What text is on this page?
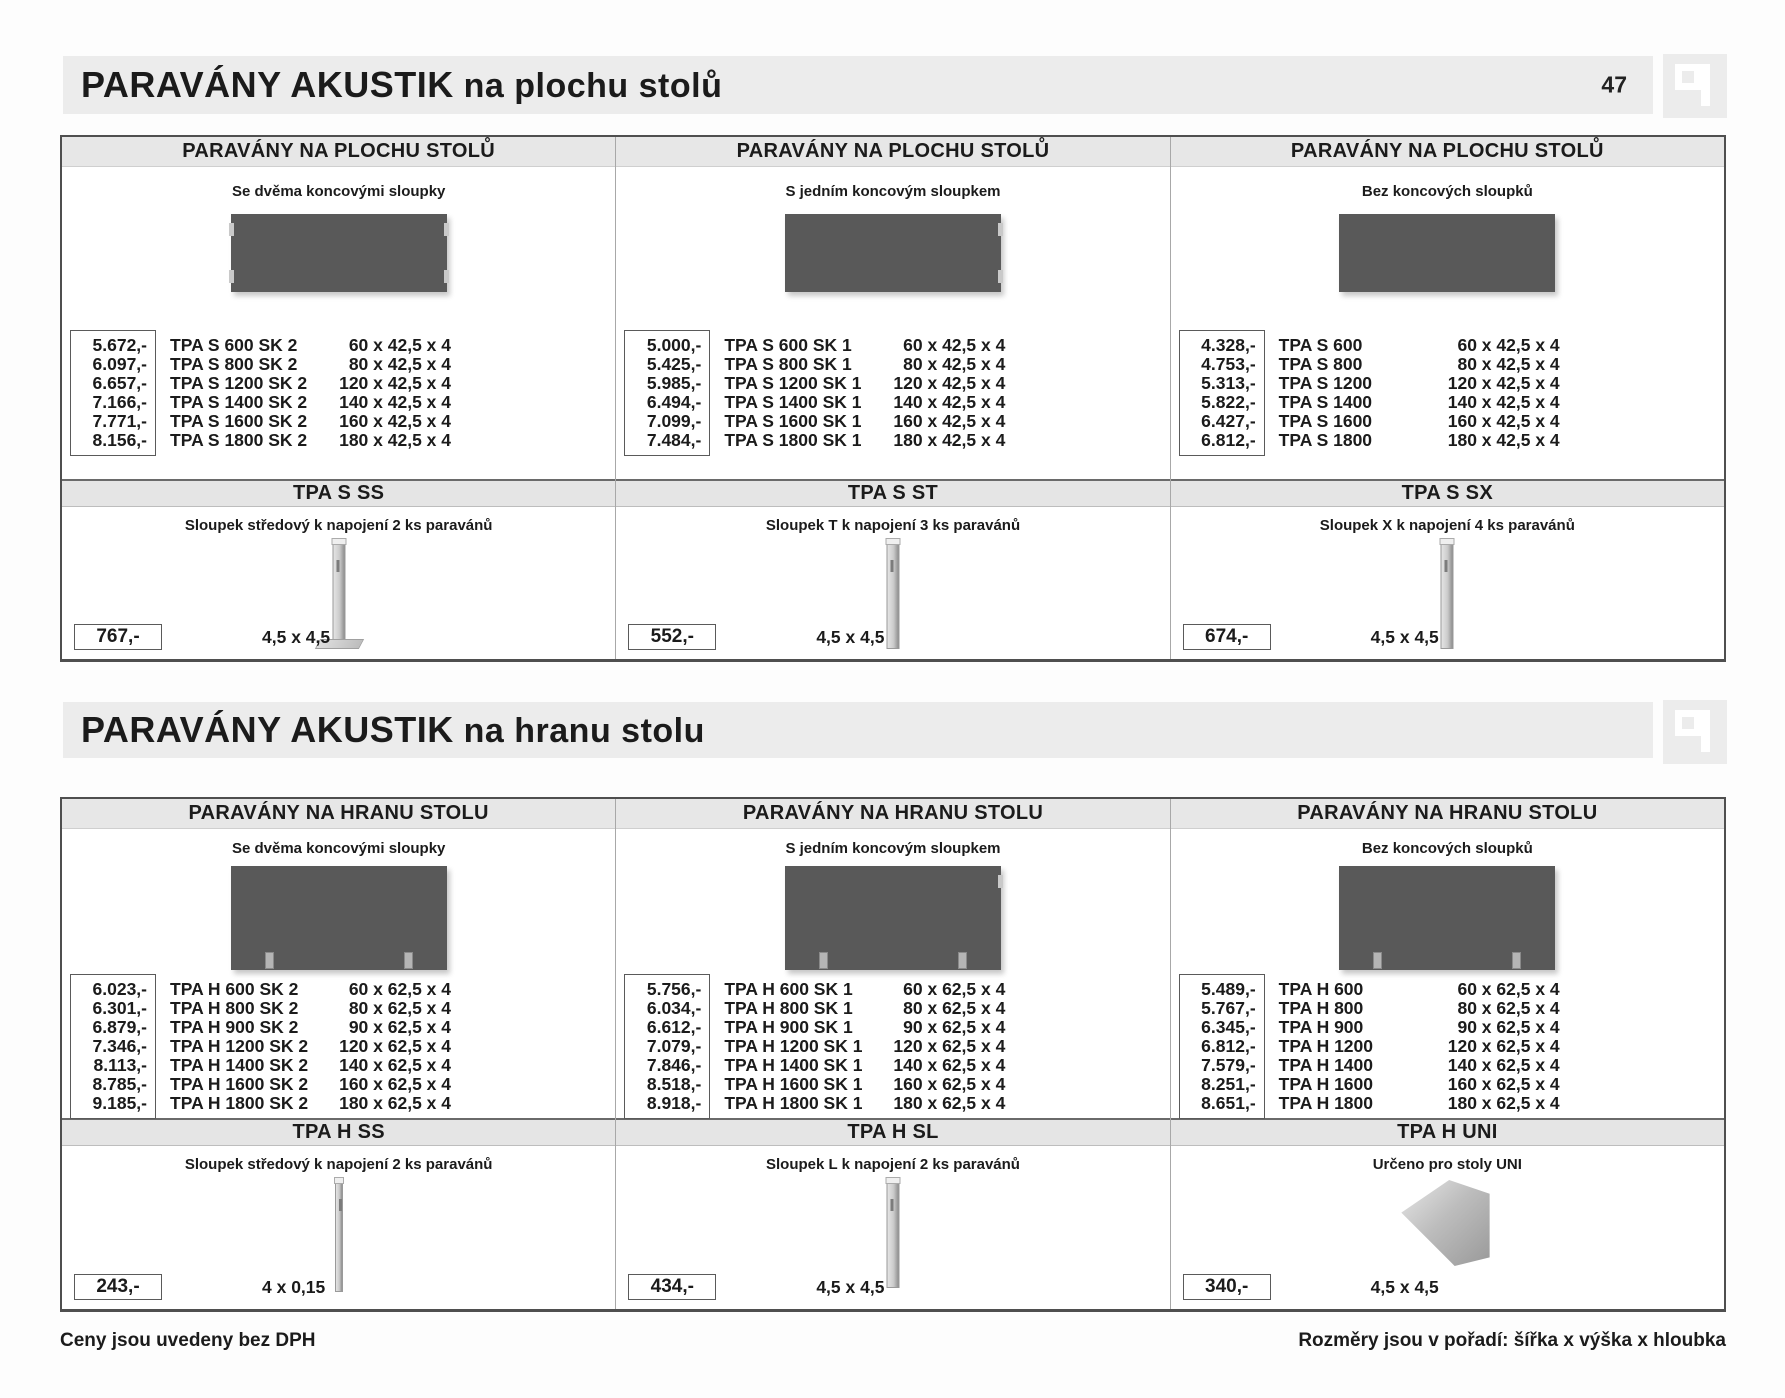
PARAVÁNY AKUSTIK na plochu stolů	47
PARAVÁNY NA PLOCHU STOLŮ
Se dvěma koncovými sloupky
5.672,-	TPA S 600 SK 2	60 x 42,5 x 4
6.097,-	TPA S 800 SK 2	80 x 42,5 x 4
6.657,-	TPA S 1200 SK 2	120 x 42,5 x 4
7.166,-	TPA S 1400 SK 2	140 x 42,5 x 4
7.771,-	TPA S 1600 SK 2	160 x 42,5 x 4
8.156,-	TPA S 1800 SK 2	180 x 42,5 x 4
TPA S SS
Sloupek středový k napojení 2 ks paravánů
767,-	4,5 x 4,5
PARAVÁNY NA PLOCHU STOLŮ
S jedním koncovým sloupkem
5.000,-	TPA S 600 SK 1	60 x 42,5 x 4
5.425,-	TPA S 800 SK 1	80 x 42,5 x 4
5.985,-	TPA S 1200 SK 1	120 x 42,5 x 4
6.494,-	TPA S 1400 SK 1	140 x 42,5 x 4
7.099,-	TPA S 1600 SK 1	160 x 42,5 x 4
7.484,-	TPA S 1800 SK 1	180 x 42,5 x 4
TPA S ST
Sloupek T k napojení 3 ks paravánů
552,-	4,5 x 4,5
PARAVÁNY NA PLOCHU STOLŮ
Bez koncových sloupků
4.328,-	TPA S 600	60 x 42,5 x 4
4.753,-	TPA S 800	80 x 42,5 x 4
5.313,-	TPA S 1200	120 x 42,5 x 4
5.822,-	TPA S 1400	140 x 42,5 x 4
6.427,-	TPA S 1600	160 x 42,5 x 4
6.812,-	TPA S 1800	180 x 42,5 x 4
TPA S SX
Sloupek X k napojení 4 ks paravánů
674,-	4,5 x 4,5
PARAVÁNY AKUSTIK na hranu stolu
PARAVÁNY NA HRANU STOLU
Se dvěma koncovými sloupky
6.023,-	TPA H 600 SK 2	60 x 62,5 x 4
6.301,-	TPA H 800 SK 2	80 x 62,5 x 4
6.879,-	TPA H 900 SK 2	90 x 62,5 x 4
7.346,-	TPA H 1200 SK 2	120 x 62,5 x 4
8.113,-	TPA H 1400 SK 2	140 x 62,5 x 4
8.785,-	TPA H 1600 SK 2	160 x 62,5 x 4
9.185,-	TPA H 1800 SK 2	180 x 62,5 x 4
TPA H SS
Sloupek středový k napojení 2 ks paravánů
243,-	4 x 0,15
PARAVÁNY NA HRANU STOLU
S jedním koncovým sloupkem
5.756,-	TPA H 600 SK 1	60 x 62,5 x 4
6.034,-	TPA H 800 SK 1	80 x 62,5 x 4
6.612,-	TPA H 900 SK 1	90 x 62,5 x 4
7.079,-	TPA H 1200 SK 1	120 x 62,5 x 4
7.846,-	TPA H 1400 SK 1	140 x 62,5 x 4
8.518,-	TPA H 1600 SK 1	160 x 62,5 x 4
8.918,-	TPA H 1800 SK 1	180 x 62,5 x 4
TPA H SL
Sloupek L k napojení 2 ks paravánů
434,-	4,5 x 4,5
PARAVÁNY NA HRANU STOLU
Bez koncových sloupků
5.489,-	TPA H 600	60 x 62,5 x 4
5.767,-	TPA H 800	80 x 62,5 x 4
6.345,-	TPA H 900	90 x 62,5 x 4
6.812,-	TPA H 1200	120 x 62,5 x 4
7.579,-	TPA H 1400	140 x 62,5 x 4
8.251,-	TPA H 1600	160 x 62,5 x 4
8.651,-	TPA H 1800	180 x 62,5 x 4
TPA H UNI
Určeno pro stoly UNI
340,-	4,5 x 4,5
Ceny jsou uvedeny bez DPH	Rozměry jsou v pořadí: šířka x výška x hloubka
